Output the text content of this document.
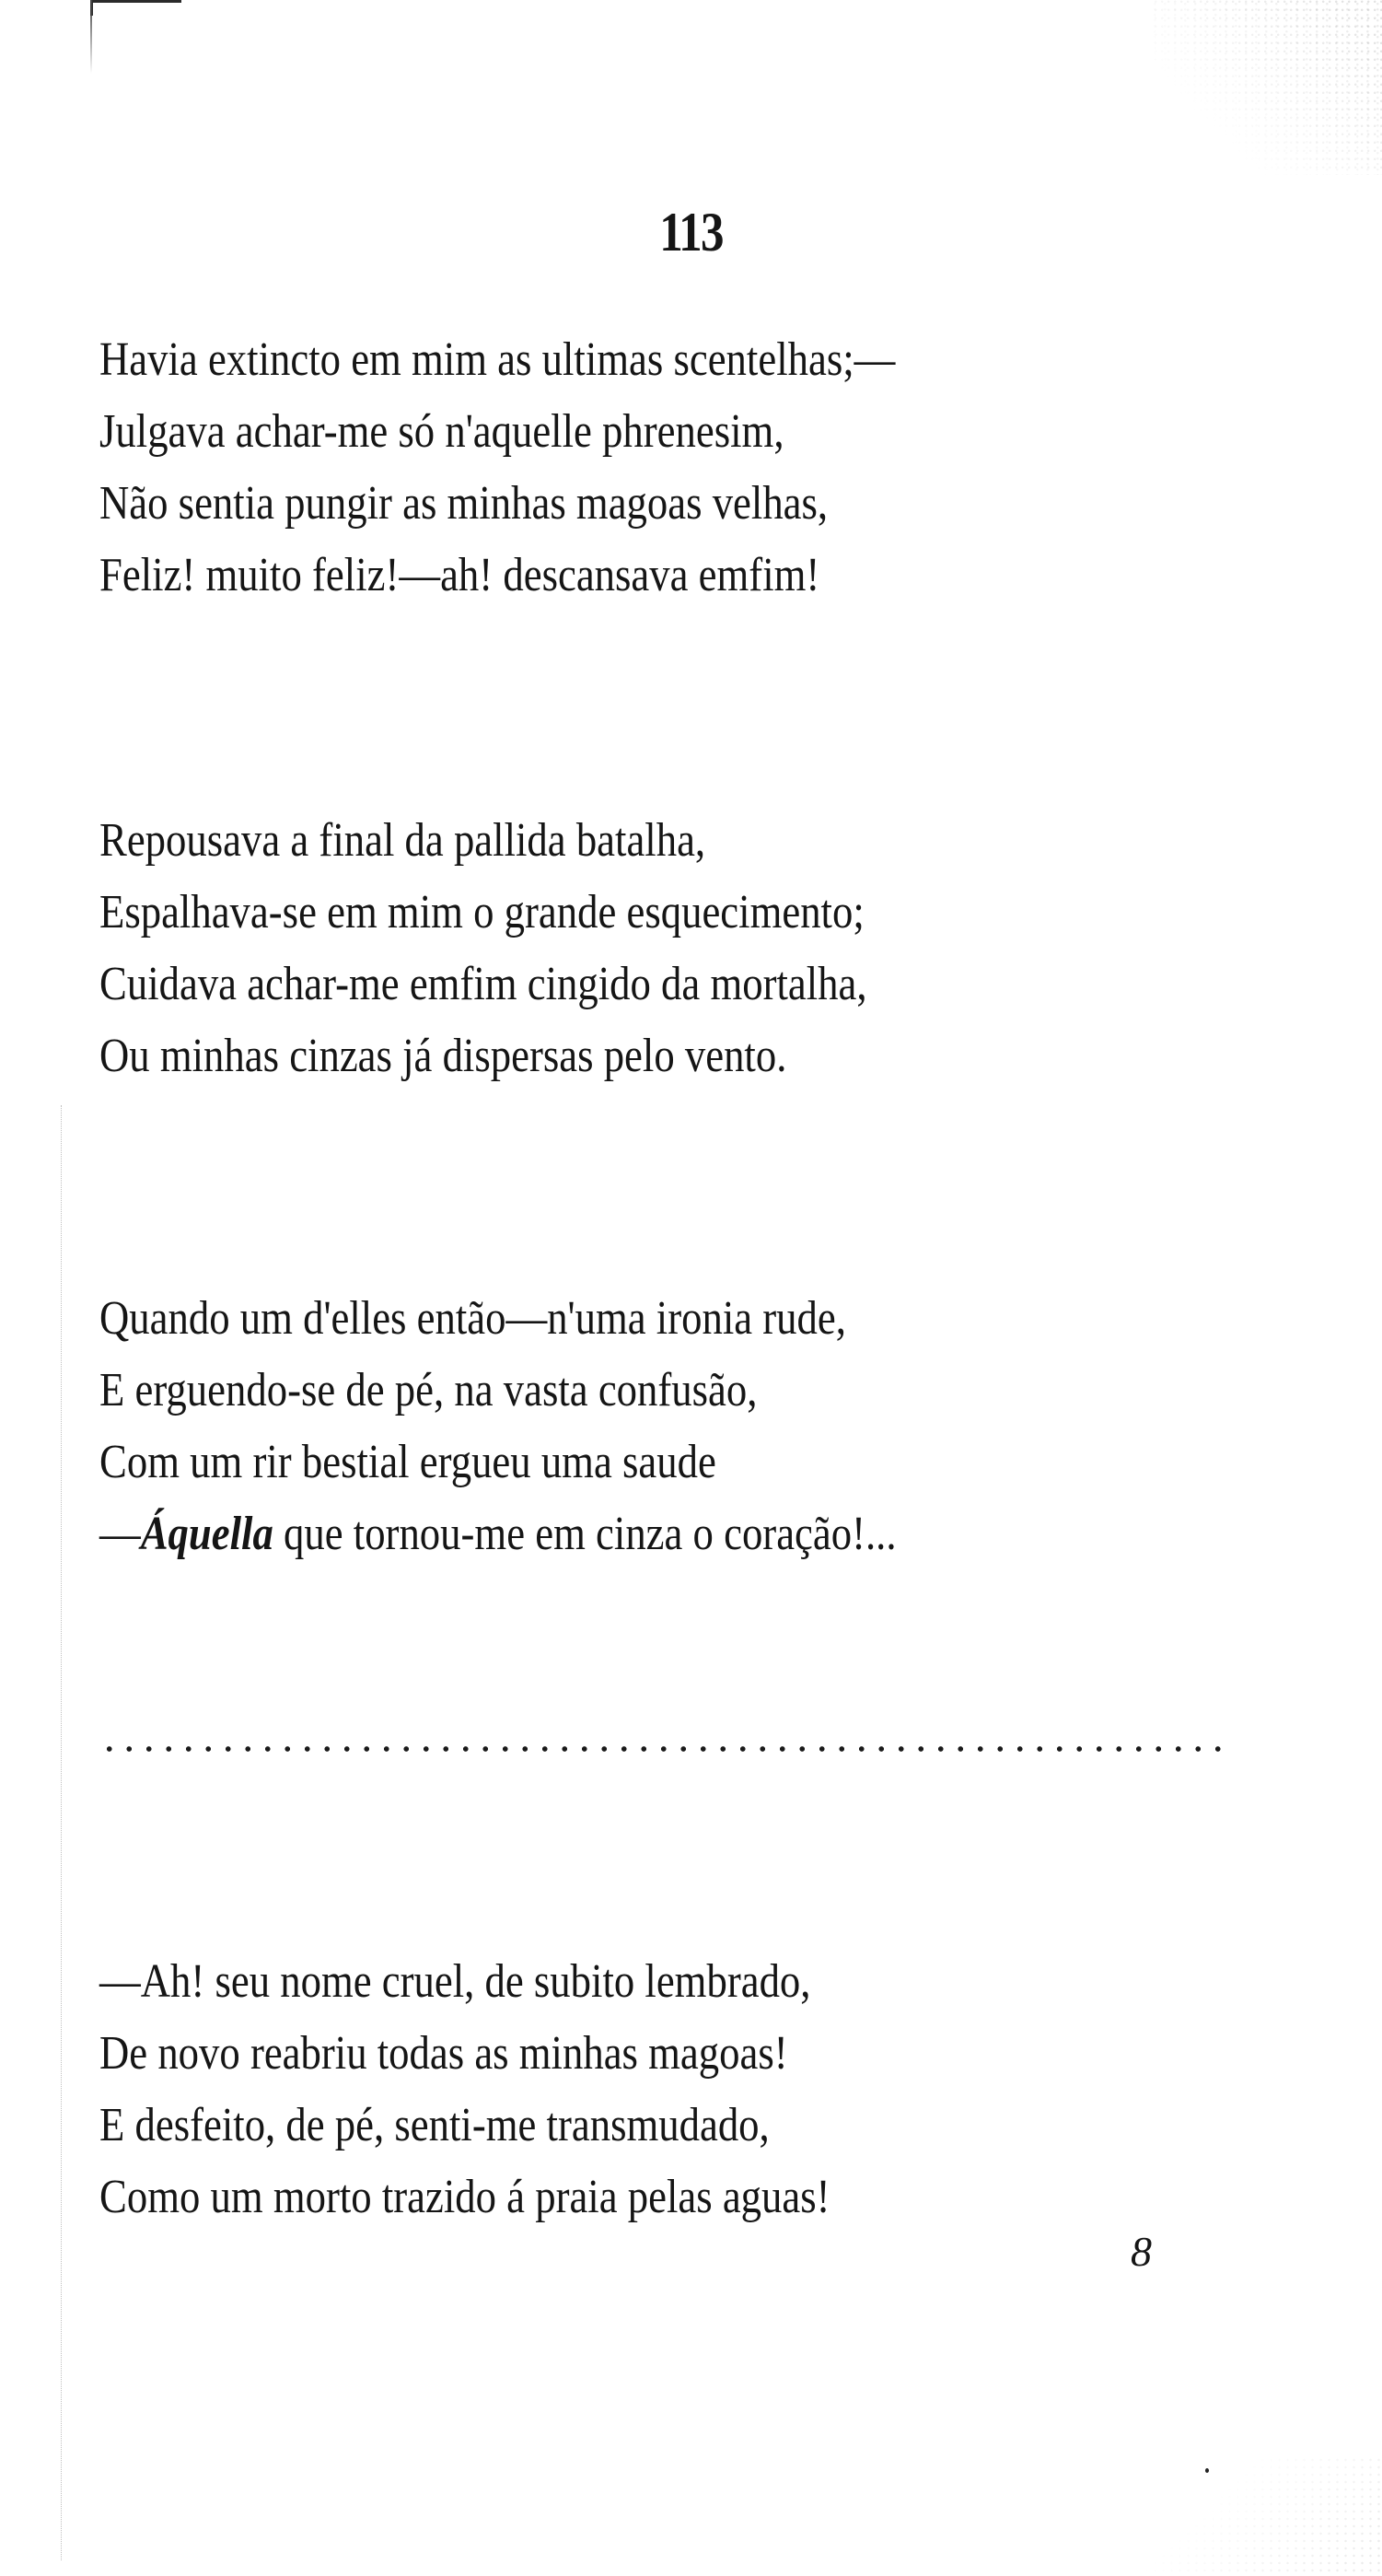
113
Havia extincto em mim as ultimas scentelhas;—
Julgava achar-me só n'aquelle phrenesim,
Não sentia pungir as minhas magoas velhas,
Feliz! muito feliz!—ah! descansava emfim!
Repousava a final da pallida batalha,
Espalhava-se em mim o grande esquecimento;
Cuidava achar-me emfim cingido da mortalha,
Ou minhas cinzas já dispersas pelo vento.
Quando um d'elles então—n'uma ironia rude,
E erguendo-se de pé, na vasta confusão,
Com um rir bestial ergueu uma saude
—Áquella que tornou-me em cinza o coração!...
—Ah! seu nome cruel, de subito lembrado,
De novo reabriu todas as minhas magoas!
E desfeito, de pé, senti-me transmudado,
Como um morto trazido á praia pelas aguas!
8
